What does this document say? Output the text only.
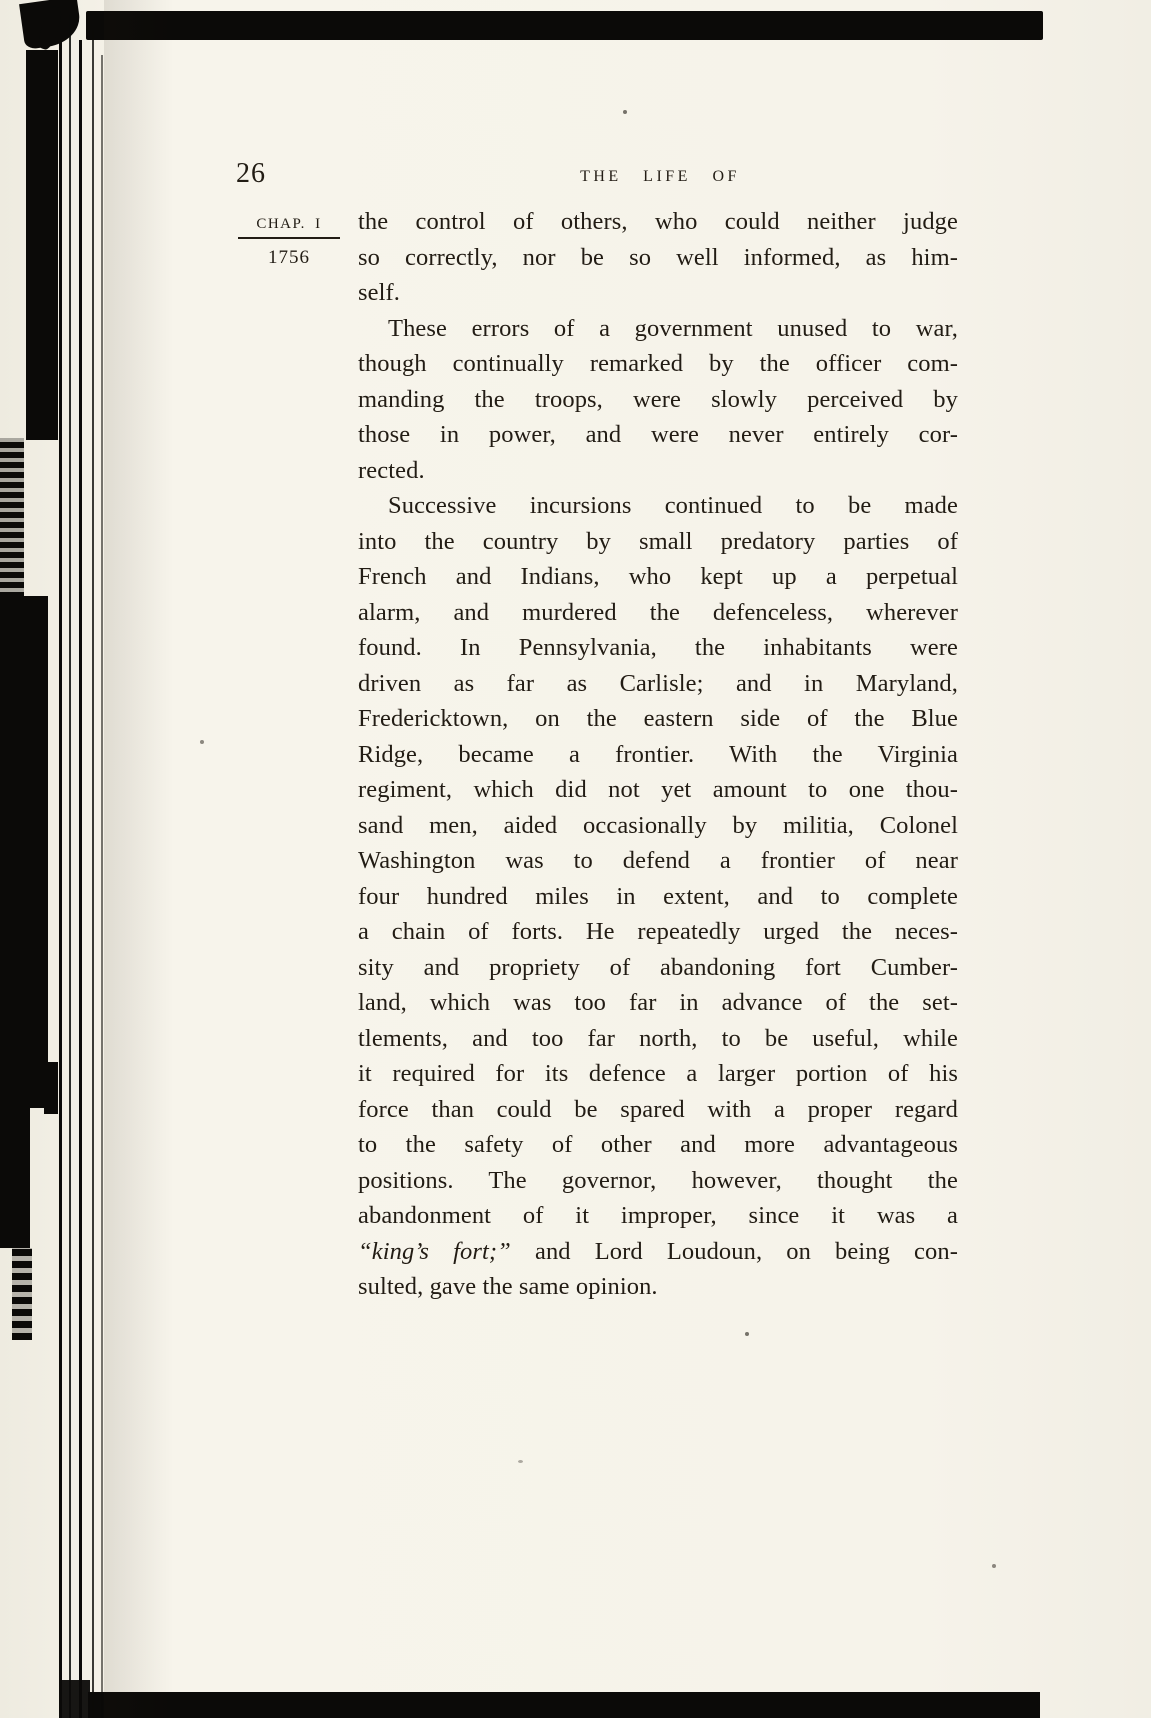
26	THE LIFE OF
CHAP. I
1756
the control of others, who could neither judge
so correctly, nor be so well informed, as him-
self.
These errors of a government unused to war,
though continually remarked by the officer com-
manding the troops, were slowly perceived by
those in power, and were never entirely cor-
rected.
Successive incursions continued to be made
into the country by small predatory parties of
French and Indians, who kept up a perpetual
alarm, and murdered the defenceless, wherever
found. In Pennsylvania, the inhabitants were
driven as far as Carlisle; and in Maryland,
Fredericktown, on the eastern side of the Blue
Ridge, became a frontier. With the Virginia
regiment, which did not yet amount to one thou-
sand men, aided occasionally by militia, Colonel
Washington was to defend a frontier of near
four hundred miles in extent, and to complete
a chain of forts. He repeatedly urged the neces-
sity and propriety of abandoning fort Cumber-
land, which was too far in advance of the set-
tlements, and too far north, to be useful, while
it required for its defence a larger portion of his
force than could be spared with a proper regard
to the safety of other and more advantageous
positions. The governor, however, thought the
abandonment of it improper, since it was a
“king’s fort;” and Lord Loudoun, on being con-
sulted, gave the same opinion.
